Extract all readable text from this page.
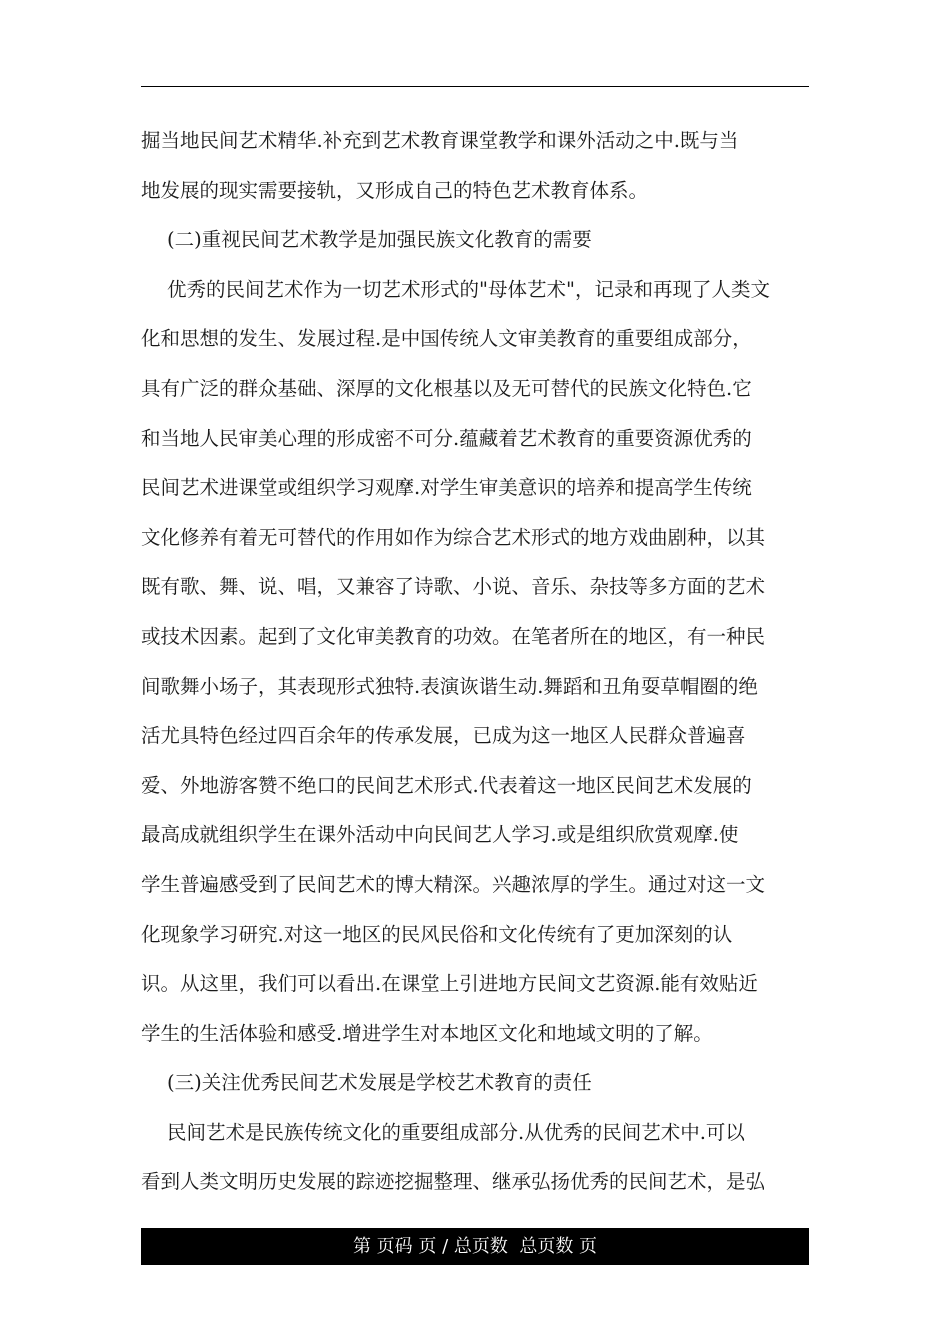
掘当地民间艺术精华.补充到艺术教育课堂教学和课外活动之中.既与当
地发展的现实需要接轨，又形成自己的特色艺术教育体系。
(二)重视民间艺术教学是加强民族文化教育的需要
优秀的民间艺术作为一切艺术形式的"母体艺术"，记录和再现了人类文
化和思想的发生、发展过程.是中国传统人文审美教育的重要组成部分，
具有广泛的群众基础、深厚的文化根基以及无可替代的民族文化特色.它
和当地人民审美心理的形成密不可分.蕴藏着艺术教育的重要资源优秀的
民间艺术进课堂或组织学习观摩.对学生审美意识的培养和提高学生传统
文化修养有着无可替代的作用如作为综合艺术形式的地方戏曲剧种，以其
既有歌、舞、说、唱，又兼容了诗歌、小说、音乐、杂技等多方面的艺术
或技术因素。起到了文化审美教育的功效。在笔者所在的地区，有一种民
间歌舞小场子，其表现形式独特.表演诙谐生动.舞蹈和丑角耍草帽圈的绝
活尤具特色经过四百余年的传承发展，已成为这一地区人民群众普遍喜
爱、外地游客赞不绝口的民间艺术形式.代表着这一地区民间艺术发展的
最高成就组织学生在课外活动中向民间艺人学习.或是组织欣赏观摩.使
学生普遍感受到了民间艺术的博大精深。兴趣浓厚的学生。通过对这一文
化现象学习研究.对这一地区的民风民俗和文化传统有了更加深刻的认
识。从这里，我们可以看出.在课堂上引进地方民间文艺资源.能有效贴近
学生的生活体验和感受.增进学生对本地区文化和地域文明的了解。
(三)关注优秀民间艺术发展是学校艺术教育的责任
民间艺术是民族传统文化的重要组成部分.从优秀的民间艺术中.可以
看到人类文明历史发展的踪迹挖掘整理、继承弘扬优秀的民间艺术，是弘
第 页码 页 / 总页数  总页数 页
